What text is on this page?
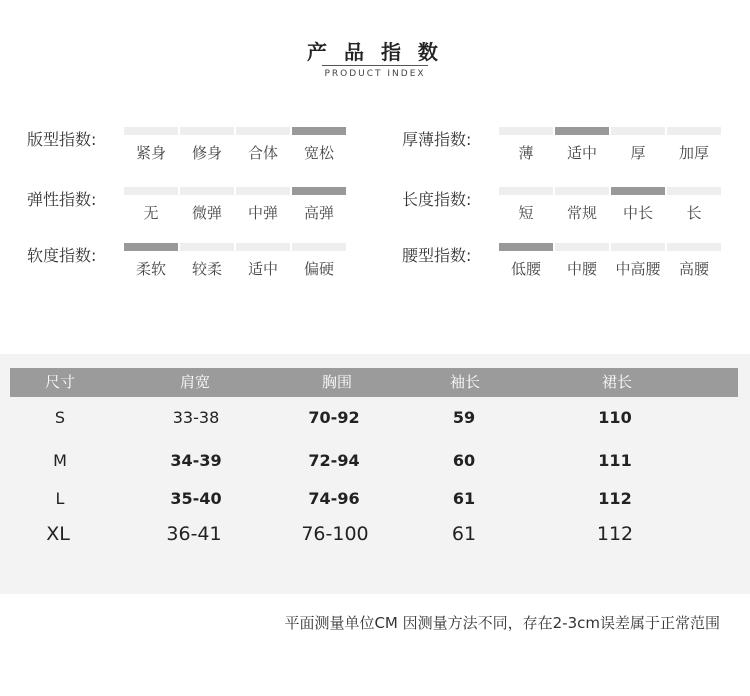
产 品 指 数
PRODUCT INDEX
版型指数:
紧身	修身	合体	宽松
厚薄指数:
薄	适中	厚	加厚
弹性指数:
无	微弹	中弹	高弹
长度指数:
短	常规	中长	长
软度指数:
柔软	较柔	适中	偏硬
腰型指数:
低腰	中腰	中高腰	高腰
尺寸	肩宽	胸围	袖长	裙长
S	33-38	70-92	59	110
M	34-39	72-94	60	111
L	35-40	74-96	61	112
XL	36-41	76-100	61	112
平面测量单位CM 因测量方法不同，存在2-3cm误差属于正常范围
